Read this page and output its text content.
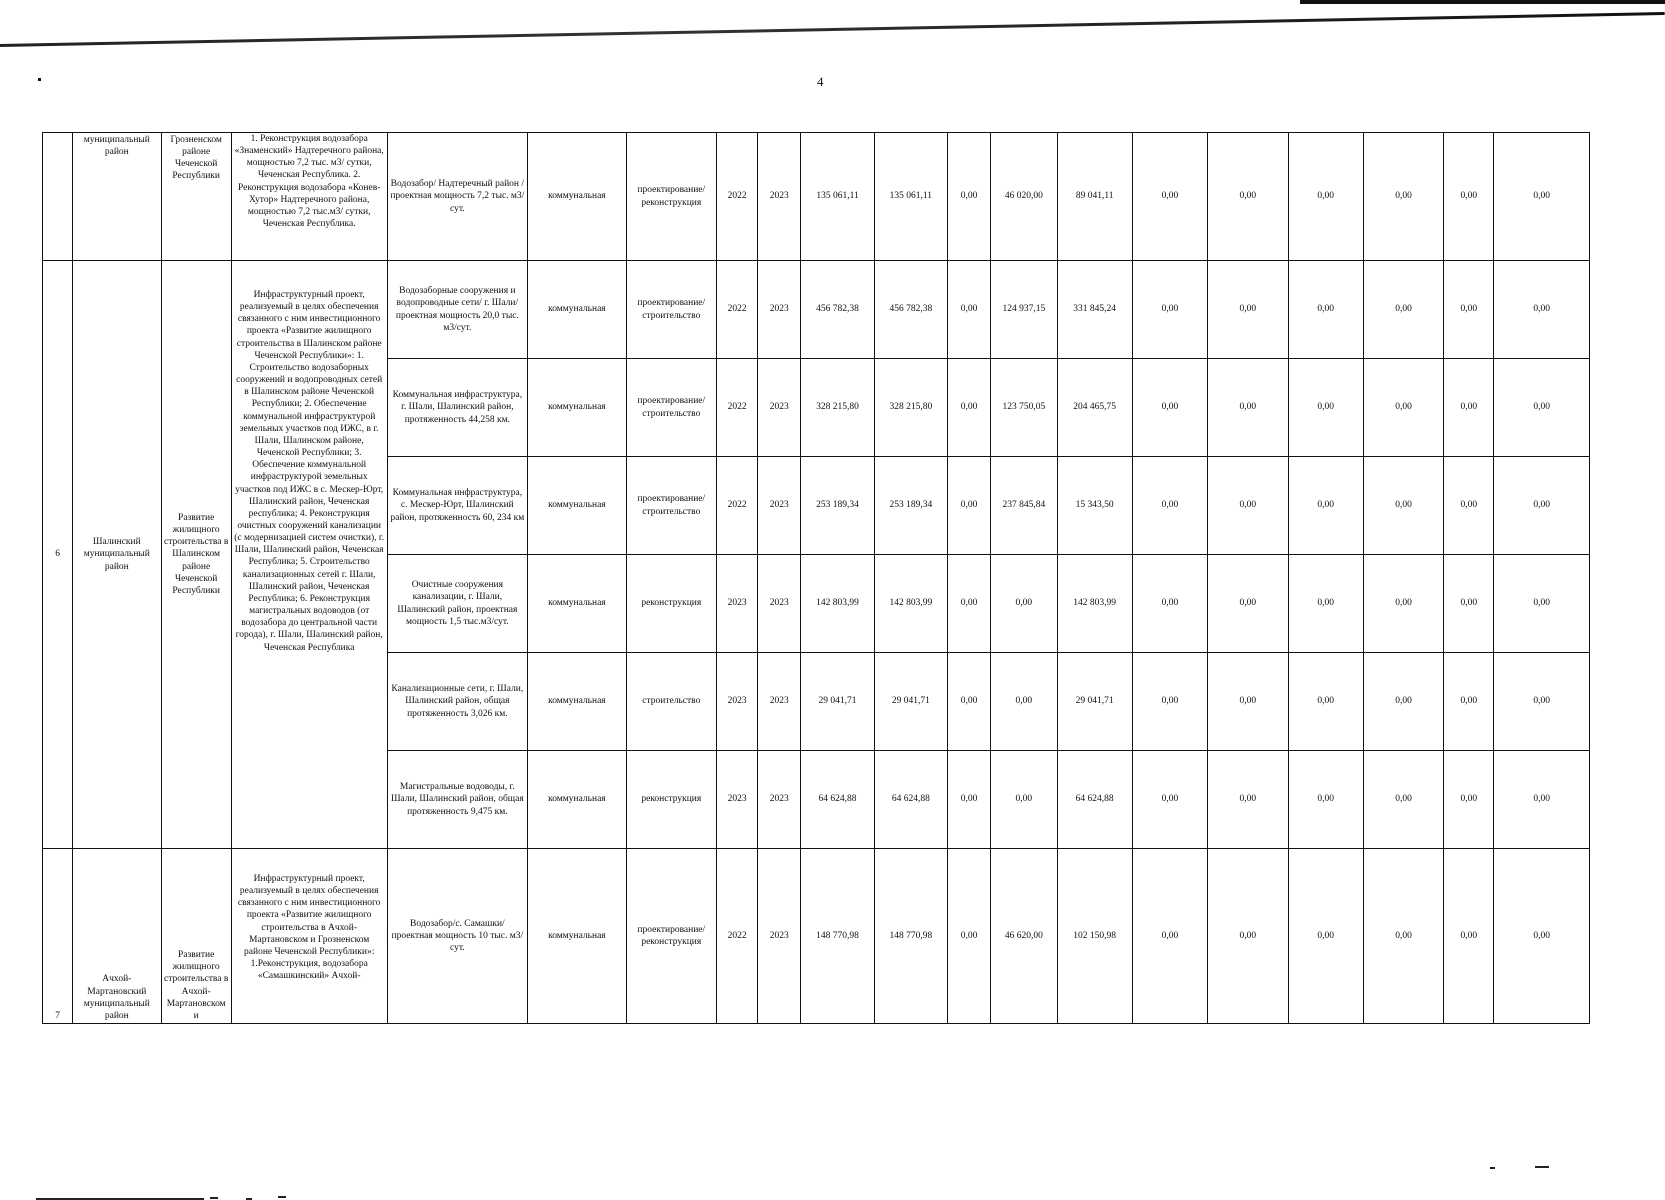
4
	муниципальный район	Грозненском районе Чеченской Республики	1. Реконструкция водозабора «Знаменский» Надтеречного района, мощностью 7,2 тыс. м3/ сутки, Чеченская Республика. 2. Реконструкция водозабора «Конев-Хутор» Надтеречного района, мощностью 7,2 тыс.м3/ сутки, Чеченская Республика.	Водозабор/ Надтеречный район /проектная мощность 7,2 тыс. м3/сут.	коммунальная	проектирование/реконструкция	2022	2023	135 061,11	135 061,11	0,00	46 020,00	89 041,11	0,00	0,00	0,00	0,00	0,00	0,00
6	Шалинский муниципальный район	Развитие жилищного строительства в Шалинском районе Чеченской Республики	Инфраструктурный проект, реализуемый в целях обеспечения связанного с ним инвестиционного проекта «Развитие жилищного строительства в Шалинском районе Чеченской Республики»: 1. Строительство водозаборных сооружений и водопроводных сетей в Шалинском районе Чеченской Республики; 2. Обеспечение коммунальной инфраструктурой земельных участков под ИЖС, в г. Шали, Шалинском районе, Чеченской Республики; 3. Обеспечение коммунальной инфраструктурой земельных участков под ИЖС в с. Мескер-Юрт, Шалинский район, Чеченская республика; 4. Реконструкция очистных сооружений канализации (с модернизацией систем очистки), г. Шали, Шалинский район, Чеченская Республика; 5. Строительство канализационных сетей г. Шали, Шалинский район, Чеченская Республика; 6. Реконструкция магистральных водоводов (от водозабора до центральной части города), г. Шали, Шалинский район, Чеченская Республика	Водозаборные сооружения и водопроводные сети/ г. Шали/проектная мощность 20,0 тыс. м3/сут.	коммунальная	проектирование/строительство	2022	2023	456 782,38	456 782,38	0,00	124 937,15	331 845,24	0,00	0,00	0,00	0,00	0,00	0,00
				Коммунальная инфраструктура, г. Шали, Шалинский район, протяженность 44,258 км.	коммунальная	проектирование/строительство	2022	2023	328 215,80	328 215,80	0,00	123 750,05	204 465,75	0,00	0,00	0,00	0,00	0,00	0,00
				Коммунальная инфраструктура, с. Мескер-Юрт, Шалинский район, протяженность 60, 234 км	коммунальная	проектирование/строительство	2022	2023	253 189,34	253 189,34	0,00	237 845,84	15 343,50	0,00	0,00	0,00	0,00	0,00	0,00
				Очистные сооружения канализации, г. Шали, Шалинский район, проектная мощность 1,5 тыс.м3/сут.	коммунальная	реконструкция	2023	2023	142 803,99	142 803,99	0,00	0,00	142 803,99	0,00	0,00	0,00	0,00	0,00	0,00
				Канализационные сети, г. Шали, Шалинский район, общая протяженность 3,026 км.	коммунальная	строительство	2023	2023	29 041,71	29 041,71	0,00	0,00	29 041,71	0,00	0,00	0,00	0,00	0,00	0,00
				Магистральные водоводы, г. Шали, Шалинский район, общая протяженность 9,475 км.	коммунальная	реконструкция	2023	2023	64 624,88	64 624,88	0,00	0,00	64 624,88	0,00	0,00	0,00	0,00	0,00	0,00
7	Ачхой-Мартановский муниципальный район	Развитие жилищного строительства в Ачхой-Мартановском и	Инфраструктурный проект, реализуемый в целях обеспечения связанного с ним инвестиционного проекта «Развитие жилищного строительства в Ачхой-Мартановском и Грозненском районе Чеченской Республики»: 1.Реконструкция, водозабора «Самашкинский» Ачхой-	Водозабор/с. Самашки/проектная мощность 10 тыс. м3/сут.	коммунальная	проектирование/реконструкция	2022	2023	148 770,98	148 770,98	0,00	46 620,00	102 150,98	0,00	0,00	0,00	0,00	0,00	0,00
